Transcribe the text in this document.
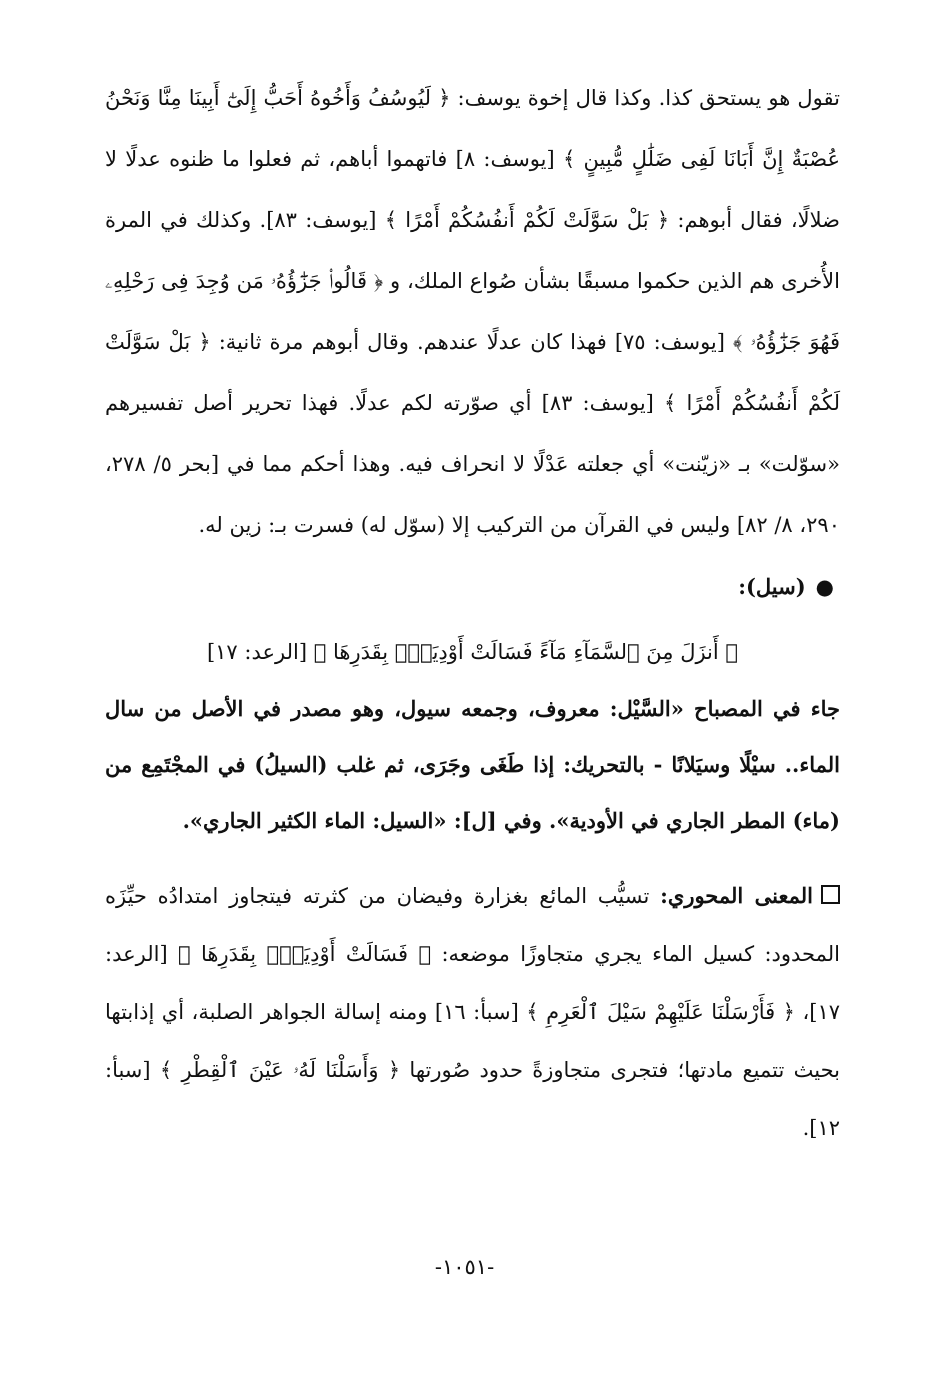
تقول هو يستحق كذا. وكذا قال إخوة يوسف: ﴿ لَيُوسُفُ وَأَخُوهُ أَحَبُّ إِلَىٰٓ أَبِينَا مِنَّا وَنَحْنُ عُصْبَةٌ إِنَّ أَبَانَا لَفِى ضَلَٰلٍ مُّبِينٍ ﴾ [يوسف: ٨] فاتهموا أباهم، ثم فعلوا ما ظنوه عدلًا لا ضلالًا، فقال أبوهم: ﴿ بَلْ سَوَّلَتْ لَكُمْ أَنفُسُكُمْ أَمْرًا ﴾ [يوسف: ٨٣]. وكذلك في المرة الأُخرى هم الذين حكموا مسبقًا بشأن صُواع الملك، و ﴿ قَالُوا۟ جَزَٰٓؤُهُۥ مَن وُجِدَ فِى رَحْلِهِۦ فَهُوَ جَزَٰٓؤُهُۥ ﴾ [يوسف: ٧٥] فهذا كان عدلًا عندهم. وقال أبوهم مرة ثانية: ﴿ بَلْ سَوَّلَتْ لَكُمْ أَنفُسُكُمْ أَمْرًا ﴾ [يوسف: ٨٣] أي صوّرته لكم عدلًا. فهذا تحرير أصل تفسيرهم «سوّلت» بـ «زيّنت» أي جعلته عَدْلًا لا انحراف فيه. وهذا أحكم مما في [بحر ٥/ ٢٧٨، ٢٩٠، ٨/ ٨٢] وليس في القرآن من التركيب إلا (سوّل له) فسرت بـ: زين له.

●(سيل):

﴿ أَنزَلَ مِنَ ٱلسَّمَآءِ مَآءً فَسَالَتْ أَوْدِيَةٌۢ بِقَدَرِهَا ﴾ [الرعد: ١٧]

جاء في المصباح «السَّيْل: معروف، وجمعه سيول، وهو مصدر في الأصل من سال الماء.. سيْلًا وسيَلانًا - بالتحريك: إذا طَغَى وجَرَى، ثم غلب (السيلُ) في المجْتَمِع من (ماء) المطر الجاري في الأودية». وفي [ل]: «السيل: الماء الكثير الجاري».

المعنى المحوري: تسيُّب المائع بغزارة وفيضان من كثرته فيتجاوز امتدادُه حيِّزَه المحدود: كسيل الماء يجري متجاوزًا موضعه: ﴿ فَسَالَتْ أَوْدِيَةٌۢ بِقَدَرِهَا ﴾ [الرعد: ١٧]، ﴿ فَأَرْسَلْنَا عَلَيْهِمْ سَيْلَ ٱلْعَرِمِ ﴾ [سبأ: ١٦] ومنه إسالة الجواهر الصلبة، أي إذابتها بحيث تتميع مادتها؛ فتجرى متجاوزةً حدود صُورتها ﴿ وَأَسَلْنَا لَهُۥ عَيْنَ ٱلْقِطْرِ ﴾ [سبأ: ١٢].

-١٠٥١-
